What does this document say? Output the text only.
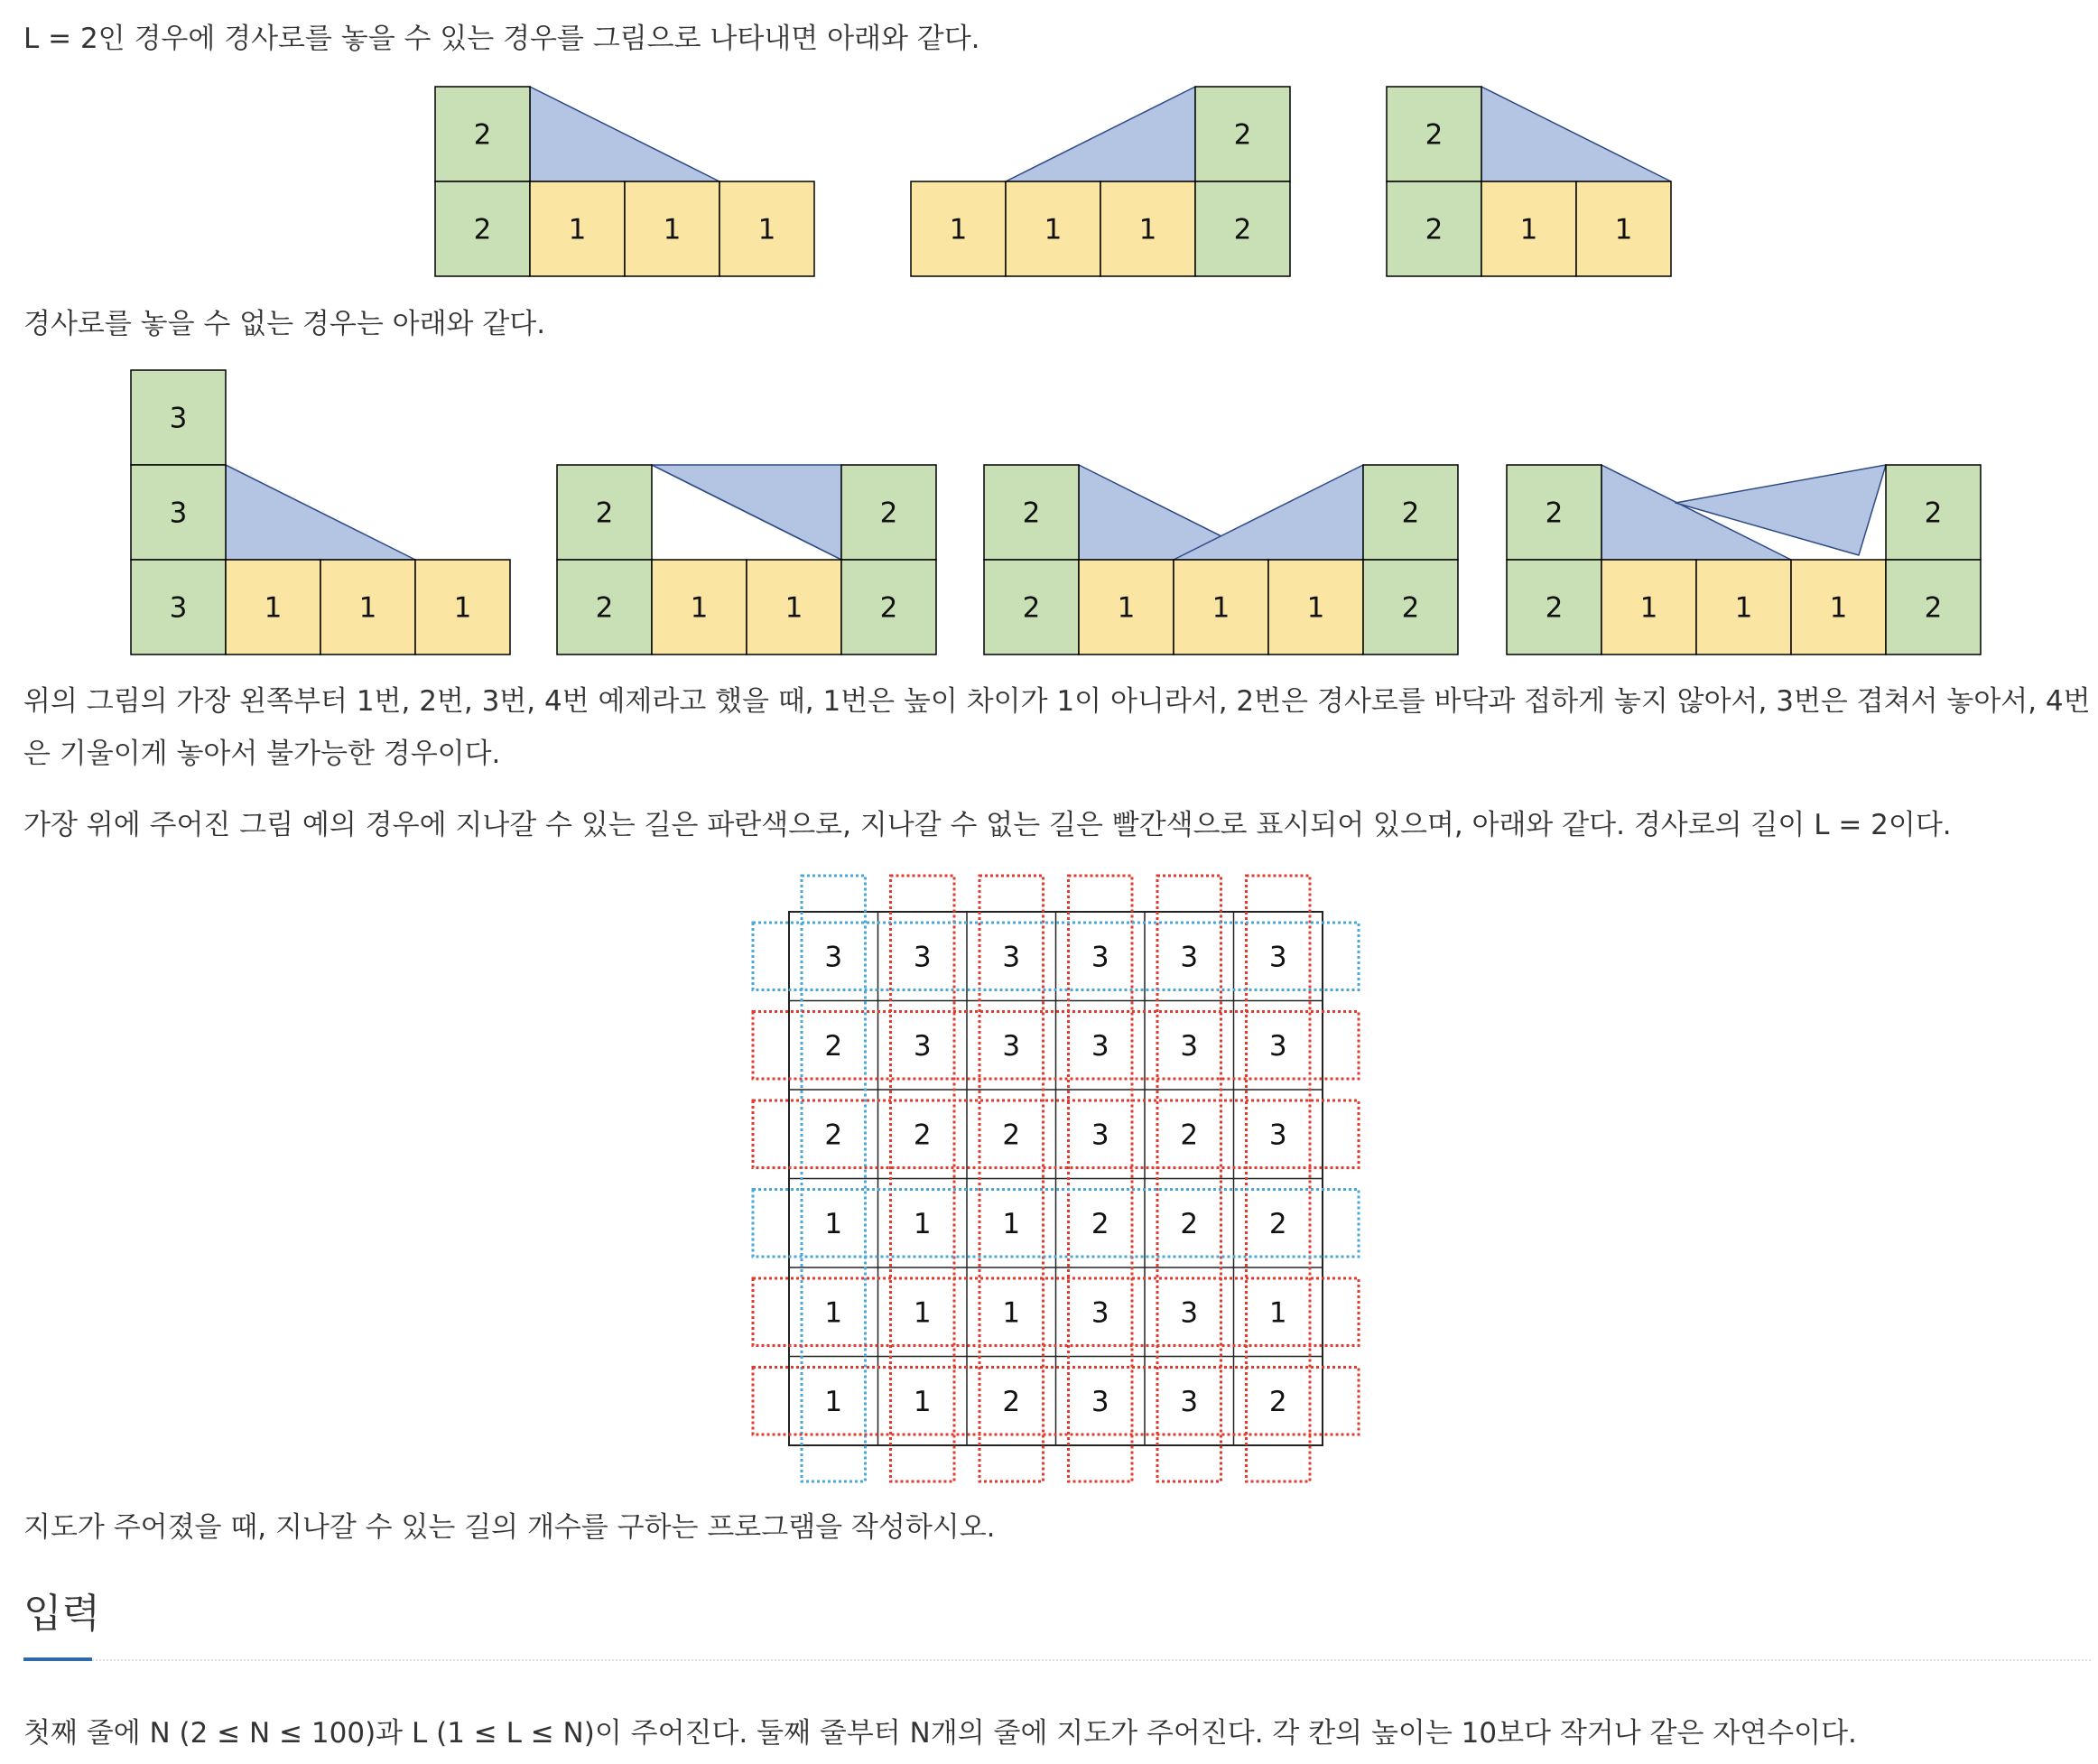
L = 2인 경우에 경사로를 놓을 수 있는 경우를 그림으로 나타내면 아래와 같다.

2
2	1	1	1
2
1	1	1	2
2
2	1	1

경사로를 놓을 수 없는 경우는 아래와 같다.

3
3
3	1	1	1
2	2
2	1	1	2
2	2
2	1	1	1	2
2	2
2	1	1	1	2

위의 그림의 가장 왼쪽부터 1번, 2번, 3번, 4번 예제라고 했을 때, 1번은 높이 차이가 1이 아니라서, 2번은 경사로를 바닥과 접하게 놓지 않아서, 3번은 겹쳐서 놓아서, 4번은 기울이게 놓아서 불가능한 경우이다.

가장 위에 주어진 그림 예의 경우에 지나갈 수 있는 길은 파란색으로, 지나갈 수 없는 길은 빨간색으로 표시되어 있으며, 아래와 같다. 경사로의 길이 L = 2이다.

3	3	3	3	3	3
2	3	3	3	3	3
2	2	2	3	2	3
1	1	1	2	2	2
1	1	1	3	3	1
1	1	2	3	3	2

지도가 주어졌을 때, 지나갈 수 있는 길의 개수를 구하는 프로그램을 작성하시오.

입력

첫째 줄에 N (2 ≤ N ≤ 100)과 L (1 ≤ L ≤ N)이 주어진다. 둘째 줄부터 N개의 줄에 지도가 주어진다. 각 칸의 높이는 10보다 작거나 같은 자연수이다.
